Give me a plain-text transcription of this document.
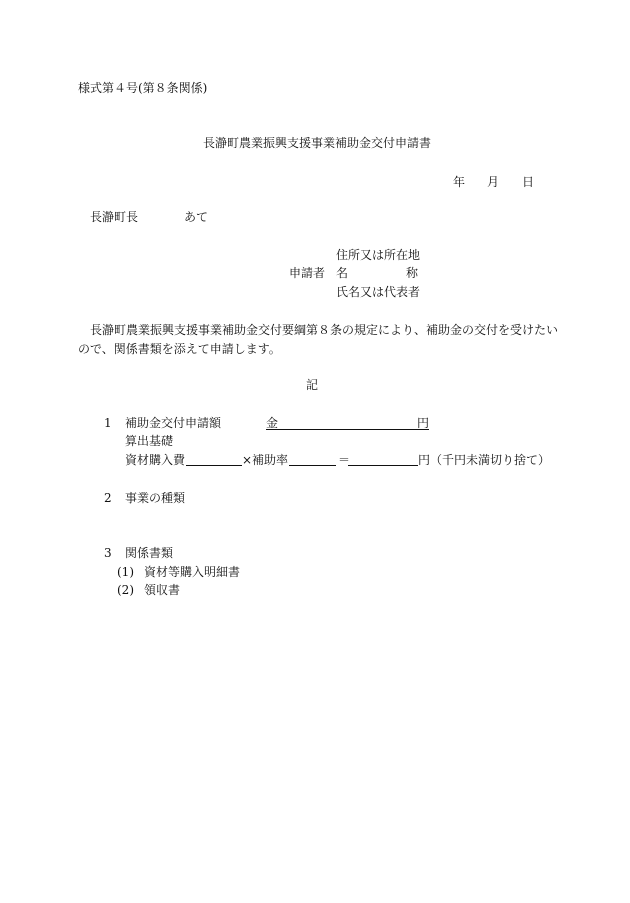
様式第４号(第８条関係)
長瀞町農業振興支援事業補助金交付申請書
年 月 日
長瀞町長	あて
住所又は所在地
申請者 名	称
氏名又は代表者
長瀞町農業振興支援事業補助金交付要綱第８条の規定により、補助金の交付を受けたい
ので、関係書類を添えて申請します。
記
1 補助金交付申請額	金	円
算出基礎
資材購入費	×補助率	＝	円（千円未満切り捨て）
2 事業の種類
3 関係書類
(1) 資材等購入明細書
(2) 領収書
